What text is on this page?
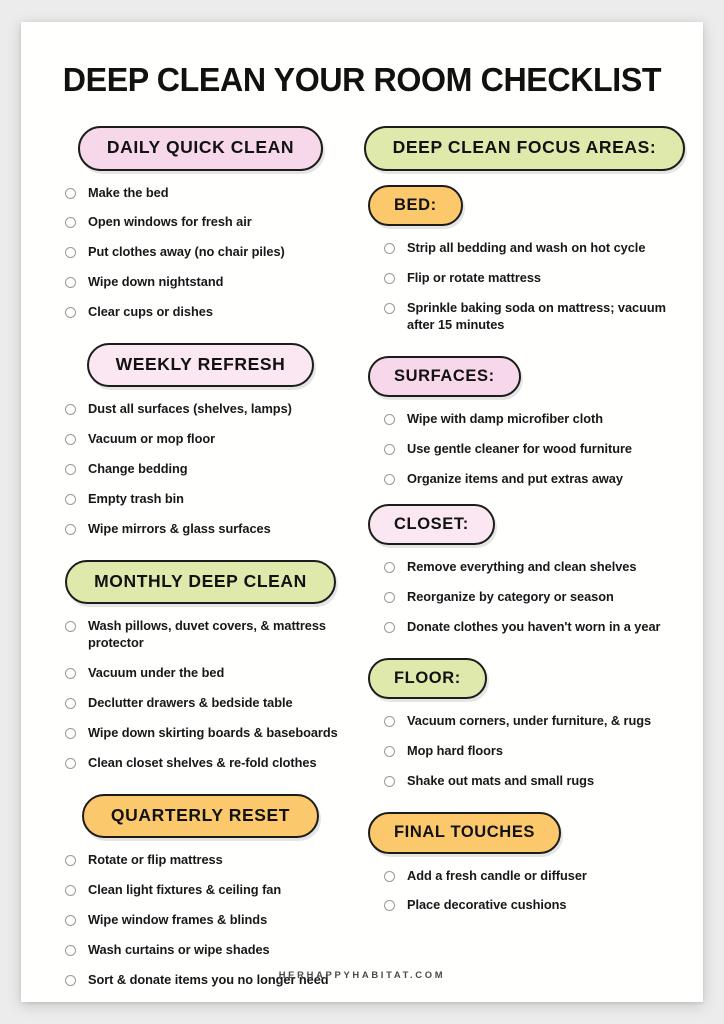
DEEP CLEAN YOUR ROOM CHECKLIST
DAILY QUICK CLEAN
Make the bed
Open windows for fresh air
Put clothes away (no chair piles)
Wipe down nightstand
Clear cups or dishes
WEEKLY REFRESH
Dust all surfaces (shelves, lamps)
Vacuum or mop floor
Change bedding
Empty trash bin
Wipe mirrors & glass surfaces
MONTHLY DEEP CLEAN
Wash pillows, duvet covers, & mattress protector
Vacuum under the bed
Declutter drawers & bedside table
Wipe down skirting boards & baseboards
Clean closet shelves & re-fold clothes
QUARTERLY RESET
Rotate or flip mattress
Clean light fixtures & ceiling fan
Wipe window frames & blinds
Wash curtains or wipe shades
Sort & donate items you no longer need
DEEP CLEAN FOCUS AREAS:
BED:
Strip all bedding and wash on hot cycle
Flip or rotate mattress
Sprinkle baking soda on mattress; vacuum after 15 minutes
SURFACES:
Wipe with damp microfiber cloth
Use gentle cleaner for wood furniture
Organize items and put extras away
CLOSET:
Remove everything and clean shelves
Reorganize by category or season
Donate clothes you haven't worn in a year
FLOOR:
Vacuum corners, under furniture, & rugs
Mop hard floors
Shake out mats and small rugs
FINAL TOUCHES
Add a fresh candle or diffuser
Place decorative cushions
HERHAPPYHABITAT.COM
